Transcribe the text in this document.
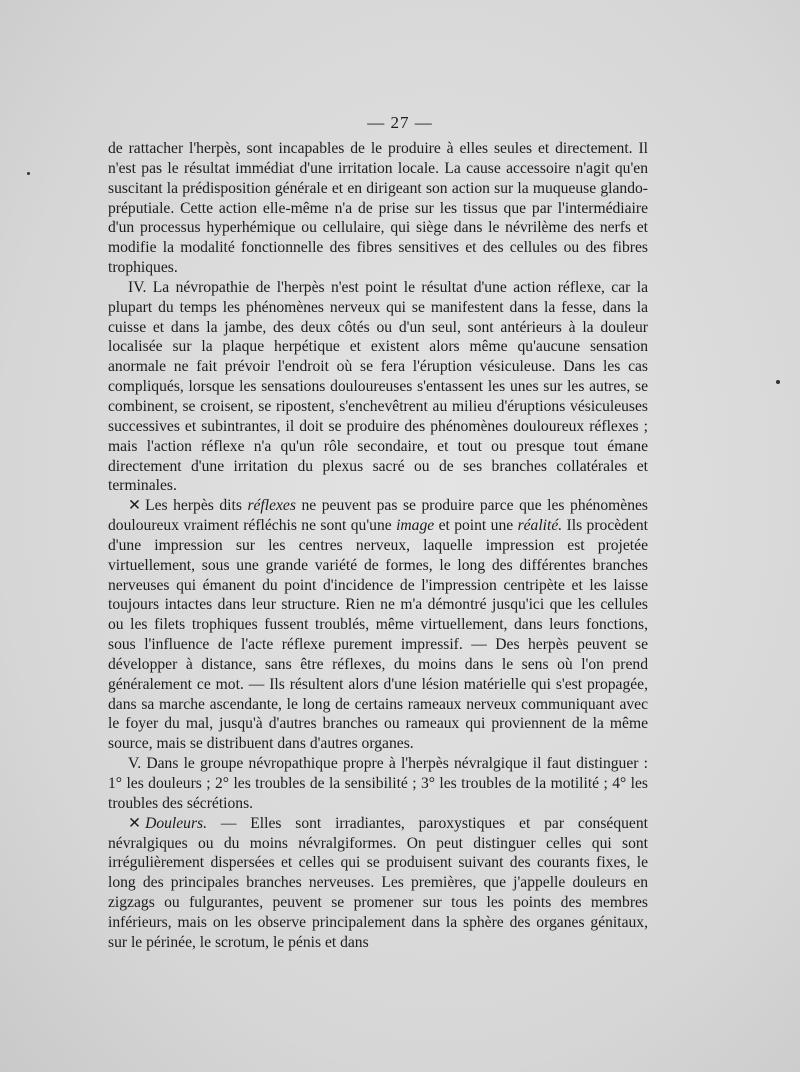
— 27 —

de rattacher l'herpès, sont incapables de le produire à elles seules et directement. Il n'est pas le résultat immédiat d'une irritation locale. La cause accessoire n'agit qu'en suscitant la prédisposition générale et en dirigeant son action sur la muqueuse glando-préputiale. Cette action elle-même n'a de prise sur les tissus que par l'intermédiaire d'un processus hyperhémique ou cellulaire, qui siège dans le névrilème des nerfs et modifie la modalité fonctionnelle des fibres sensitives et des cellules ou des fibres trophiques.

IV. La névropathie de l'herpès n'est point le résultat d'une action réflexe, car la plupart du temps les phénomènes nerveux qui se manifestent dans la fesse, dans la cuisse et dans la jambe, des deux côtés ou d'un seul, sont antérieurs à la douleur localisée sur la plaque herpétique et existent alors même qu'aucune sensation anormale ne fait prévoir l'endroit où se fera l'éruption vésiculeuse. Dans les cas compliqués, lorsque les sensations douloureuses s'entassent les unes sur les autres, se combinent, se croisent, se ripostent, s'enchevêtrent au milieu d'éruptions vésiculeuses successives et subintrantes, il doit se produire des phénomènes douloureux réflexes ; mais l'action réflexe n'a qu'un rôle secondaire, et tout ou presque tout émane directement d'une irritation du plexus sacré ou de ses branches collatérales et terminales.

✕ Les herpès dits réflexes ne peuvent pas se produire parce que les phénomènes douloureux vraiment réfléchis ne sont qu'une image et point une réalité. Ils procèdent d'une impression sur les centres nerveux, laquelle impression est projetée virtuellement, sous une grande variété de formes, le long des différentes branches nerveuses qui émanent du point d'incidence de l'impression centripète et les laisse toujours intactes dans leur structure. Rien ne m'a démontré jusqu'ici que les cellules ou les filets trophiques fussent troublés, même virtuellement, dans leurs fonctions, sous l'influence de l'acte réflexe purement impressif. — Des herpès peuvent se développer à distance, sans être réflexes, du moins dans le sens où l'on prend généralement ce mot. — Ils résultent alors d'une lésion matérielle qui s'est propagée, dans sa marche ascendante, le long de certains rameaux nerveux communiquant avec le foyer du mal, jusqu'à d'autres branches ou rameaux qui proviennent de la même source, mais se distribuent dans d'autres organes.

V. Dans le groupe névropathique propre à l'herpès névralgique il faut distinguer : 1° les douleurs ; 2° les troubles de la sensibilité ; 3° les troubles de la motilité ; 4° les troubles des sécrétions.

✕ Douleurs. — Elles sont irradiantes, paroxystiques et par conséquent névralgiques ou du moins névralgiformes. On peut distinguer celles qui sont irrégulièrement dispersées et celles qui se produisent suivant des courants fixes, le long des principales branches nerveuses. Les premières, que j'appelle douleurs en zigzags ou fulgurantes, peuvent se promener sur tous les points des membres inférieurs, mais on les observe principalement dans la sphère des organes génitaux, sur le périnée, le scrotum, le pénis et dans
